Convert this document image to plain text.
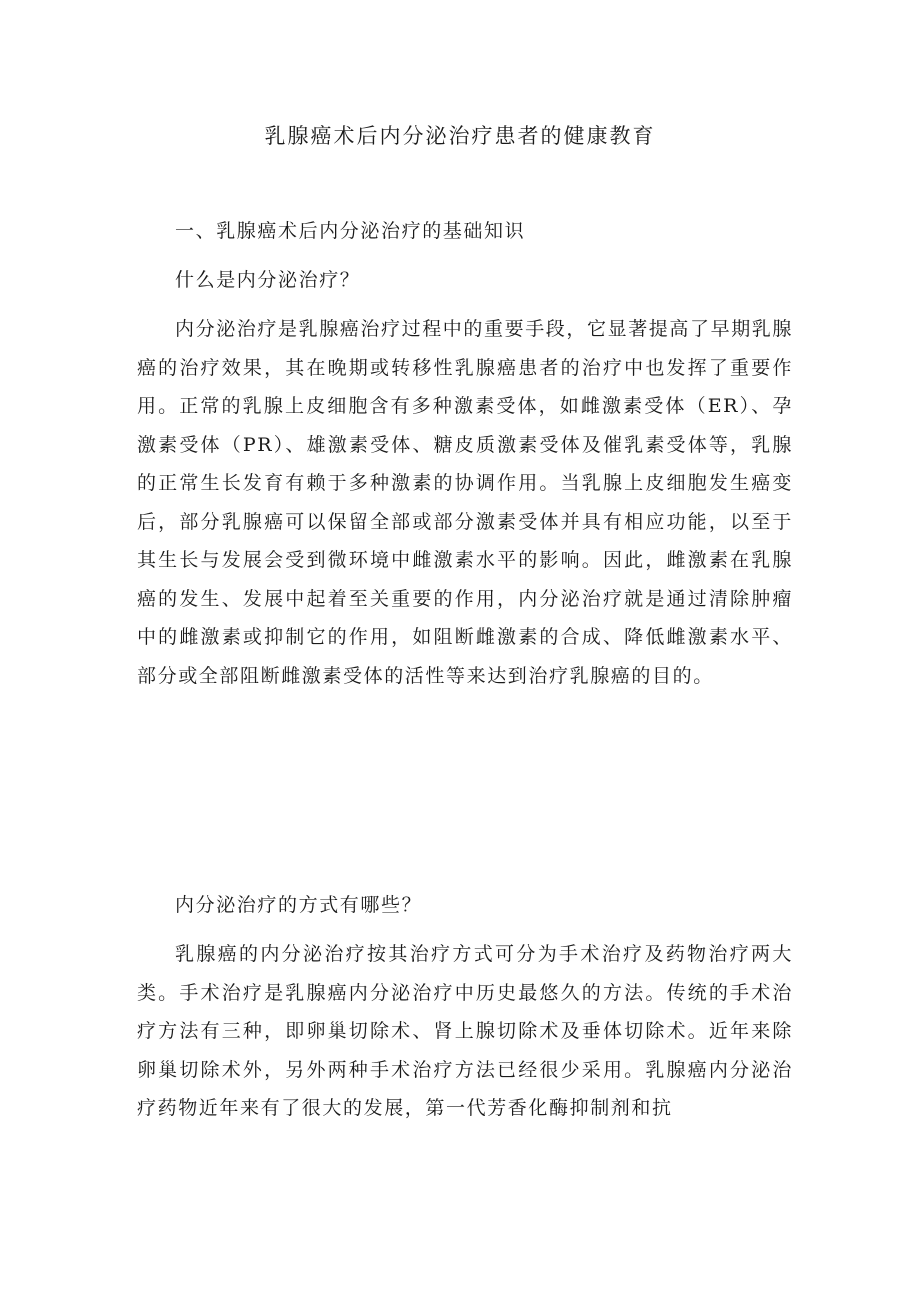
乳腺癌术后内分泌治疗患者的健康教育

一、乳腺癌术后内分泌治疗的基础知识

什么是内分泌治疗？

内分泌治疗是乳腺癌治疗过程中的重要手段，它显著提高了早期乳腺癌的治疗效果，其在晚期或转移性乳腺癌患者的治疗中也发挥了重要作用。正常的乳腺上皮细胞含有多种激素受体，如雌激素受体（ER）、孕激素受体（PR）、雄激素受体、糖皮质激素受体及催乳素受体等，乳腺的正常生长发育有赖于多种激素的协调作用。当乳腺上皮细胞发生癌变后，部分乳腺癌可以保留全部或部分激素受体并具有相应功能，以至于其生长与发展会受到微环境中雌激素水平的影响。因此，雌激素在乳腺癌的发生、发展中起着至关重要的作用，内分泌治疗就是通过清除肿瘤中的雌激素或抑制它的作用，如阻断雌激素的合成、降低雌激素水平、部分或全部阻断雌激素受体的活性等来达到治疗乳腺癌的目的。

内分泌治疗的方式有哪些？

乳腺癌的内分泌治疗按其治疗方式可分为手术治疗及药物治疗两大类。手术治疗是乳腺癌内分泌治疗中历史最悠久的方法。传统的手术治疗方法有三种，即卵巢切除术、肾上腺切除术及垂体切除术。近年来除卵巢切除术外，另外两种手术治疗方法已经很少采用。乳腺癌内分泌治疗药物近年来有了很大的发展，第一代芳香化酶抑制剂和抗
